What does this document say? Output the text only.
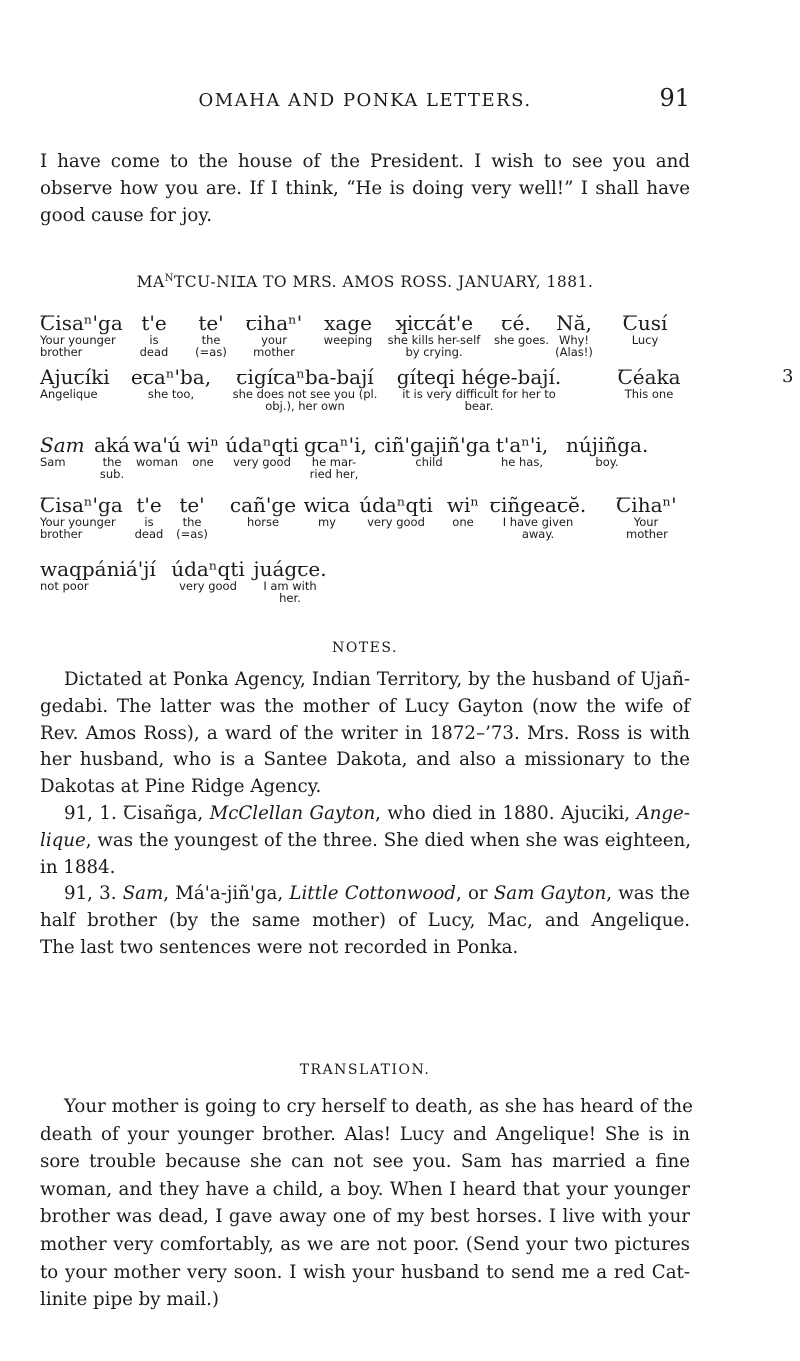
OMAHA AND PONKA LETTERS.	91
I have come to the house of the President. I wish to see you and
observe how you are. If I think, “He is doing very well!” I shall have
good cause for joy.
$MA^NTCU$-NIꞮA TO MRS. AMOS ROSS. JANUARY, 1881.
Ꞇisaⁿ'ga
Your younger brother
t'e
is dead
te'
the (=as)
ꞇihaⁿ'
your mother
xage
weeping
ʞiꞇꞇát'e
she kills her-self by crying.
ꞇé.
she goes.
Nă,
Why! (Alas!)
Ꞇusí
Lucy
Ajuꞇíki
Angelique
eꞇaⁿ'ba,
she too,
ꞇigíꞇaⁿba-bají
she does not see you (pl. obj.), her own
gíteqi hége-bají.
it is very difficult for her to bear.
Ꞇéaka
This one
3
Sam
Sam
aká
the sub.
wa'ú
woman
wiⁿ
one
údaⁿqti
very good
gꞇaⁿ'i,
he mar-ried her,
ciñ'gajiñ'ga
child
t'aⁿ'i,
he has,
nújiñga.
boy.
Ꞇisaⁿ'ga
Your younger brother
t'e
is dead
te'
the (=as)
cañ'ge
horse
wiꞇa
my
údaⁿqti
very good
wiⁿ
one
ꞇiñgeaꞇĕ.
I have given away.
Ꞇihaⁿ'
Your mother
waqpániá'jí
not poor
údaⁿqti
very good
juágꞇe.
I am with her.
NOTES.
Dictated at Ponka Agency, Indian Territory, by the husband of Ujañ-
gedabi. The latter was the mother of Lucy Gayton (now the wife of
Rev. Amos Ross), a ward of the writer in 1872–’73. Mrs. Ross is with
her husband, who is a Santee Dakota, and also a missionary to the
Dakotas at Pine Ridge Agency.
91, 1. Ꞇisañga, McClellan Gayton, who died in 1880. Ajuꞇiki, Ange-
lique, was the youngest of the three. She died when she was eighteen,
in 1884.
91, 3. Sam, Má'a-jiñ'ga, Little Cottonwood, or Sam Gayton, was the
half brother (by the same mother) of Lucy, Mac, and Angelique.
The last two sentences were not recorded in Ponka.
TRANSLATION.
Your mother is going to cry herself to death, as she has heard of the
death of your younger brother. Alas! Lucy and Angelique! She is in
sore trouble because she can not see you. Sam has married a fine
woman, and they have a child, a boy. When I heard that your younger
brother was dead, I gave away one of my best horses. I live with your
mother very comfortably, as we are not poor. (Send your two pictures
to your mother very soon. I wish your husband to send me a red Cat-
linite pipe by mail.)
